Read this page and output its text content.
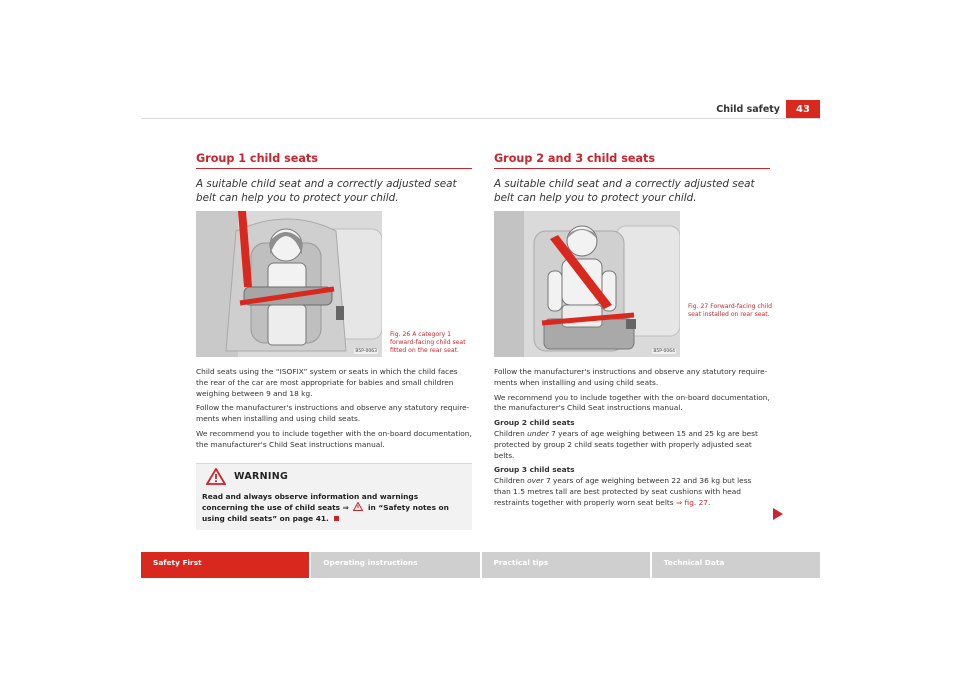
Child safety	43
Group 1 child seats
A suitable child seat and a correctly adjusted seat belt can help you to protect your child.
B5P-0063
Fig. 26 A category 1 forward-facing child seat fitted on the rear seat.

Child seats using the “ISOFIX” system or seats in which the child faces the rear of the car are most appropriate for babies and small children weighing between 9 and 18 kg.

Follow the manufacturer's instructions and observe any statutory require-ments when installing and using child seats.

We recommend you to include together with the on-board documentation, the manufacturer's Child Seat instructions manual.

WARNING
Read and always observe information and warnings concerning the use of child seats ⇒	in “Safety notes on using child seats” on page 41.
Group 2 and 3 child seats
A suitable child seat and a correctly adjusted seat belt can help you to protect your child.
B5P-0064
Fig. 27 Forward-facing child seat installed on rear seat.

Follow the manufacturer's instructions and observe any statutory require-ments when installing and using child seats.

We recommend you to include together with the on-board documentation, the manufacturer's Child Seat instructions manual.

Group 2 child seats
Children under 7 years of age weighing between 15 and 25 kg are best protected by group 2 child seats together with properly adjusted seat belts.

Group 3 child seats
Children over 7 years of age weighing between 22 and 36 kg but less than 1.5 metres tall are best protected by seat cushions with head restraints together with properly worn seat belts ⇒ fig. 27.

Safety First	Operating instructions	Practical tips	Technical Data
